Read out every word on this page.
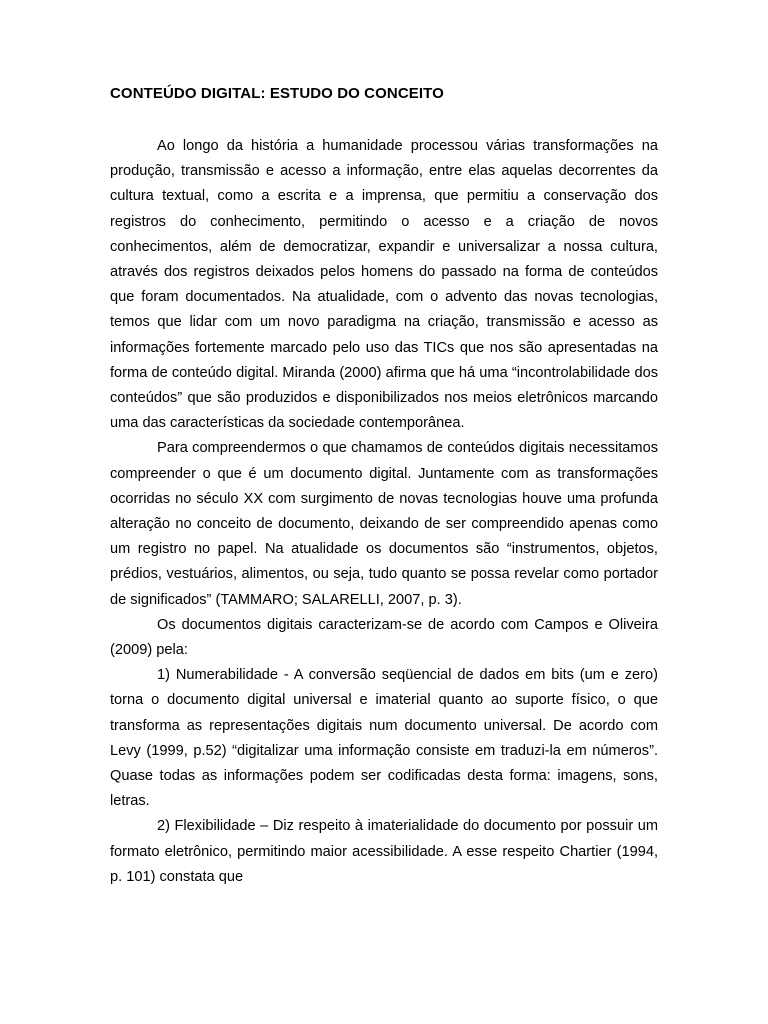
CONTEÚDO DIGITAL: ESTUDO DO CONCEITO

Ao longo da história a humanidade processou várias transformações na produção, transmissão e acesso a informação, entre elas aquelas decorrentes da cultura textual, como a escrita e a imprensa, que permitiu a conservação dos registros do conhecimento, permitindo o acesso e a criação de novos conhecimentos, além de democratizar, expandir e universalizar a nossa cultura, através dos registros deixados pelos homens do passado na forma de conteúdos que foram documentados. Na atualidade, com o advento das novas tecnologias, temos que lidar com um novo paradigma na criação, transmissão e acesso as informações fortemente marcado pelo uso das TICs que nos são apresentadas na forma de conteúdo digital. Miranda (2000) afirma que há uma “incontrolabilidade dos conteúdos” que são produzidos e disponibilizados nos meios eletrônicos marcando uma das características da sociedade contemporânea.

Para compreendermos o que chamamos de conteúdos digitais necessitamos compreender o que é um documento digital. Juntamente com as transformações ocorridas no século XX com surgimento de novas tecnologias houve uma profunda alteração no conceito de documento, deixando de ser compreendido apenas como um registro no papel. Na atualidade os documentos são “instrumentos, objetos, prédios, vestuários, alimentos, ou seja, tudo quanto se possa revelar como portador de significados” (TAMMARO; SALARELLI, 2007, p. 3).

Os documentos digitais caracterizam-se de acordo com Campos e Oliveira (2009) pela:

1) Numerabilidade - A conversão seqüencial de dados em bits (um e zero) torna o documento digital universal e imaterial quanto ao suporte físico, o que transforma as representações digitais num documento universal. De acordo com Levy (1999, p.52) “digitalizar uma informação consiste em traduzi-la em números”. Quase todas as informações podem ser codificadas desta forma: imagens, sons, letras.

2) Flexibilidade – Diz respeito à imaterialidade do documento por possuir um formato eletrônico, permitindo maior acessibilidade. A esse respeito Chartier (1994, p. 101) constata que
